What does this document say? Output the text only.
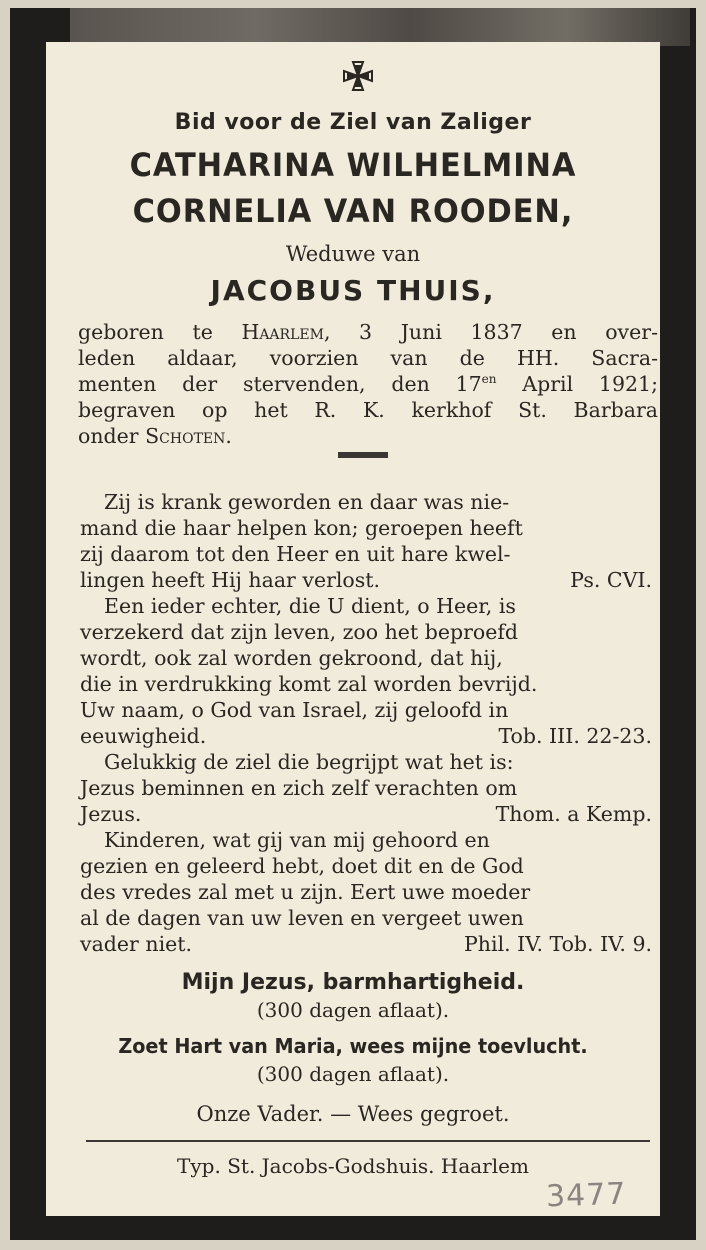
Bid voor de Ziel van Zaliger
CATHARINA WILHELMINA
CORNELIA VAN ROODEN,
Weduwe van
JACOBUS THUIS,
geboren te Haarlem, 3 Juni 1837 en over-
leden aldaar, voorzien van de HH. Sacra-
menten der stervenden, den $17^{en}$ April 1921;
begraven op het R. K. kerkhof St. Barbara
onder Schoten.
Zij is krank geworden en daar was nie-
mand die haar helpen kon; geroepen heeft
zij daarom tot den Heer en uit hare kwel-
lingen heeft Hij haar verlost.	Ps. CVI.
Een ieder echter, die U dient, o Heer, is
verzekerd dat zijn leven, zoo het beproefd
wordt, ook zal worden gekroond, dat hij,
die in verdrukking komt zal worden bevrijd.
Uw naam, o God van Israel, zij geloofd in
eeuwigheid.	Tob. III. 22-23.
Gelukkig de ziel die begrijpt wat het is:
Jezus beminnen en zich zelf verachten om
Jezus.	Thom. a Kemp.
Kinderen, wat gij van mij gehoord en
gezien en geleerd hebt, doet dit en de God
des vredes zal met u zijn. Eert uwe moeder
al de dagen van uw leven en vergeet uwen
vader niet.	Phil. IV. Tob. IV. 9.
Mijn Jezus, barmhartigheid.
(300 dagen aflaat).
Zoet Hart van Maria, wees mijne toevlucht.
(300 dagen aflaat).
Onze Vader. — Wees gegroet.
Typ. St. Jacobs-Godshuis. Haarlem
3477
